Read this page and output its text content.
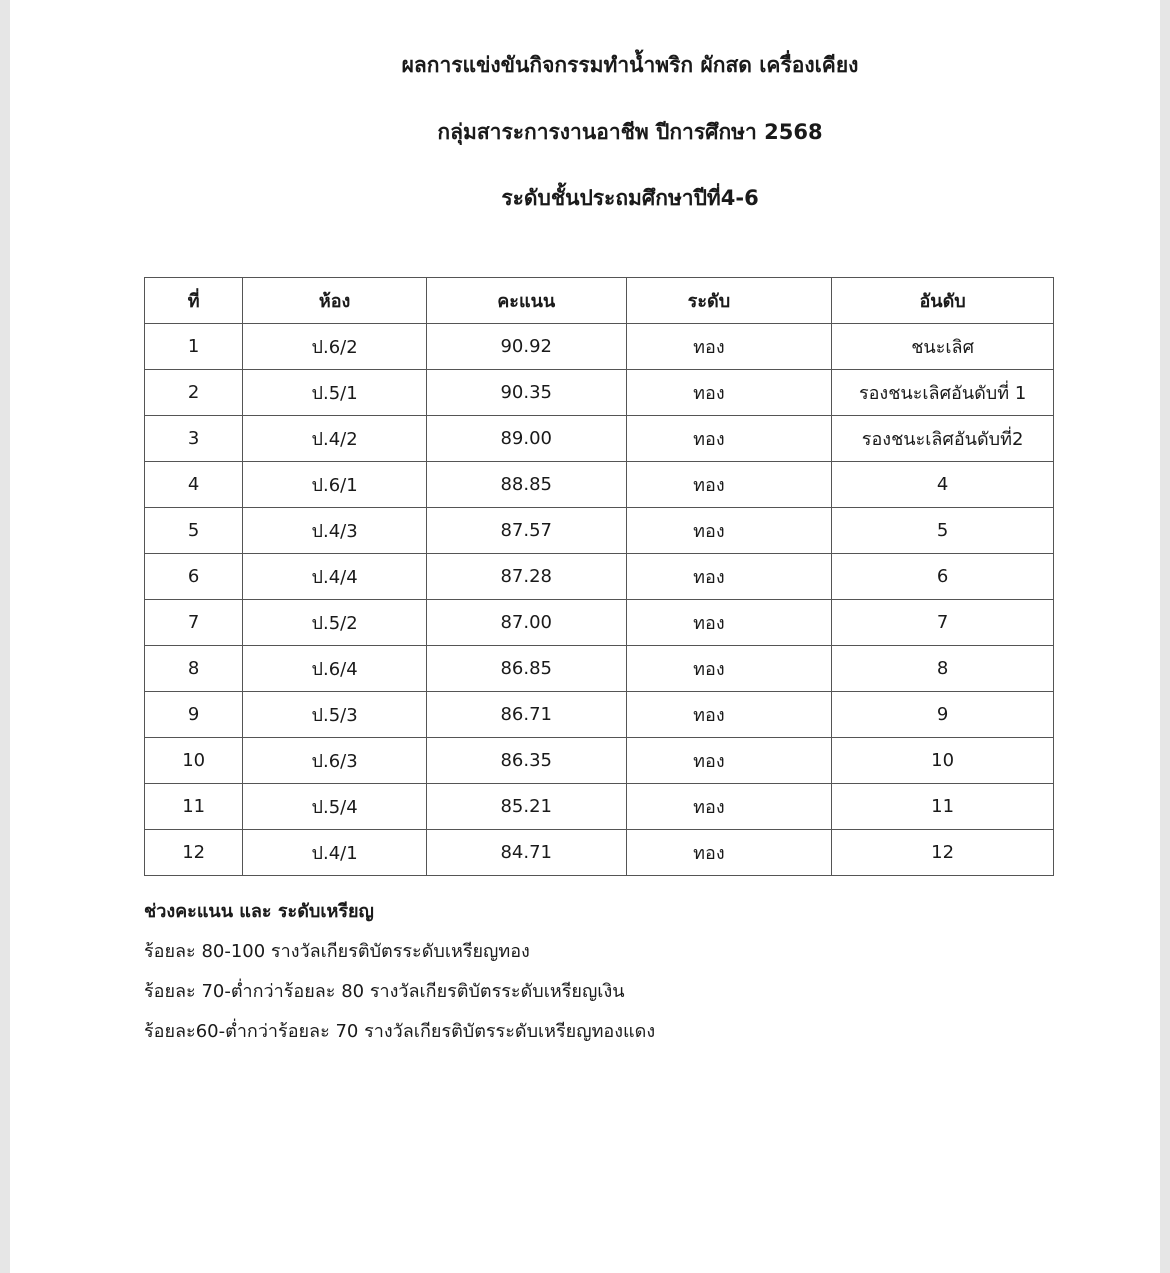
ผลการแข่งขันกิจกรรมทำน้ำพริก ผักสด เครื่องเคียง
กลุ่มสาระการงานอาชีพ ปีการศึกษา 2568
ระดับชั้นประถมศึกษาปีที่4-6
ที่	ห้อง	คะแนน	ระดับ	อันดับ
1	ป.6/2	90.92	ทอง	ชนะเลิศ
2	ป.5/1	90.35	ทอง	รองชนะเลิศอันดับที่ 1
3	ป.4/2	89.00	ทอง	รองชนะเลิศอันดับที่2
4	ป.6/1	88.85	ทอง	4
5	ป.4/3	87.57	ทอง	5
6	ป.4/4	87.28	ทอง	6
7	ป.5/2	87.00	ทอง	7
8	ป.6/4	86.85	ทอง	8
9	ป.5/3	86.71	ทอง	9
10	ป.6/3	86.35	ทอง	10
11	ป.5/4	85.21	ทอง	11
12	ป.4/1	84.71	ทอง	12
ช่วงคะแนน และ ระดับเหรียญ

ร้อยละ 80-100 รางวัลเกียรติบัตรระดับเหรียญทอง

ร้อยละ 70-ต่ำกว่าร้อยละ 80 รางวัลเกียรติบัตรระดับเหรียญเงิน

ร้อยละ60-ต่ำกว่าร้อยละ 70 รางวัลเกียรติบัตรระดับเหรียญทองแดง
